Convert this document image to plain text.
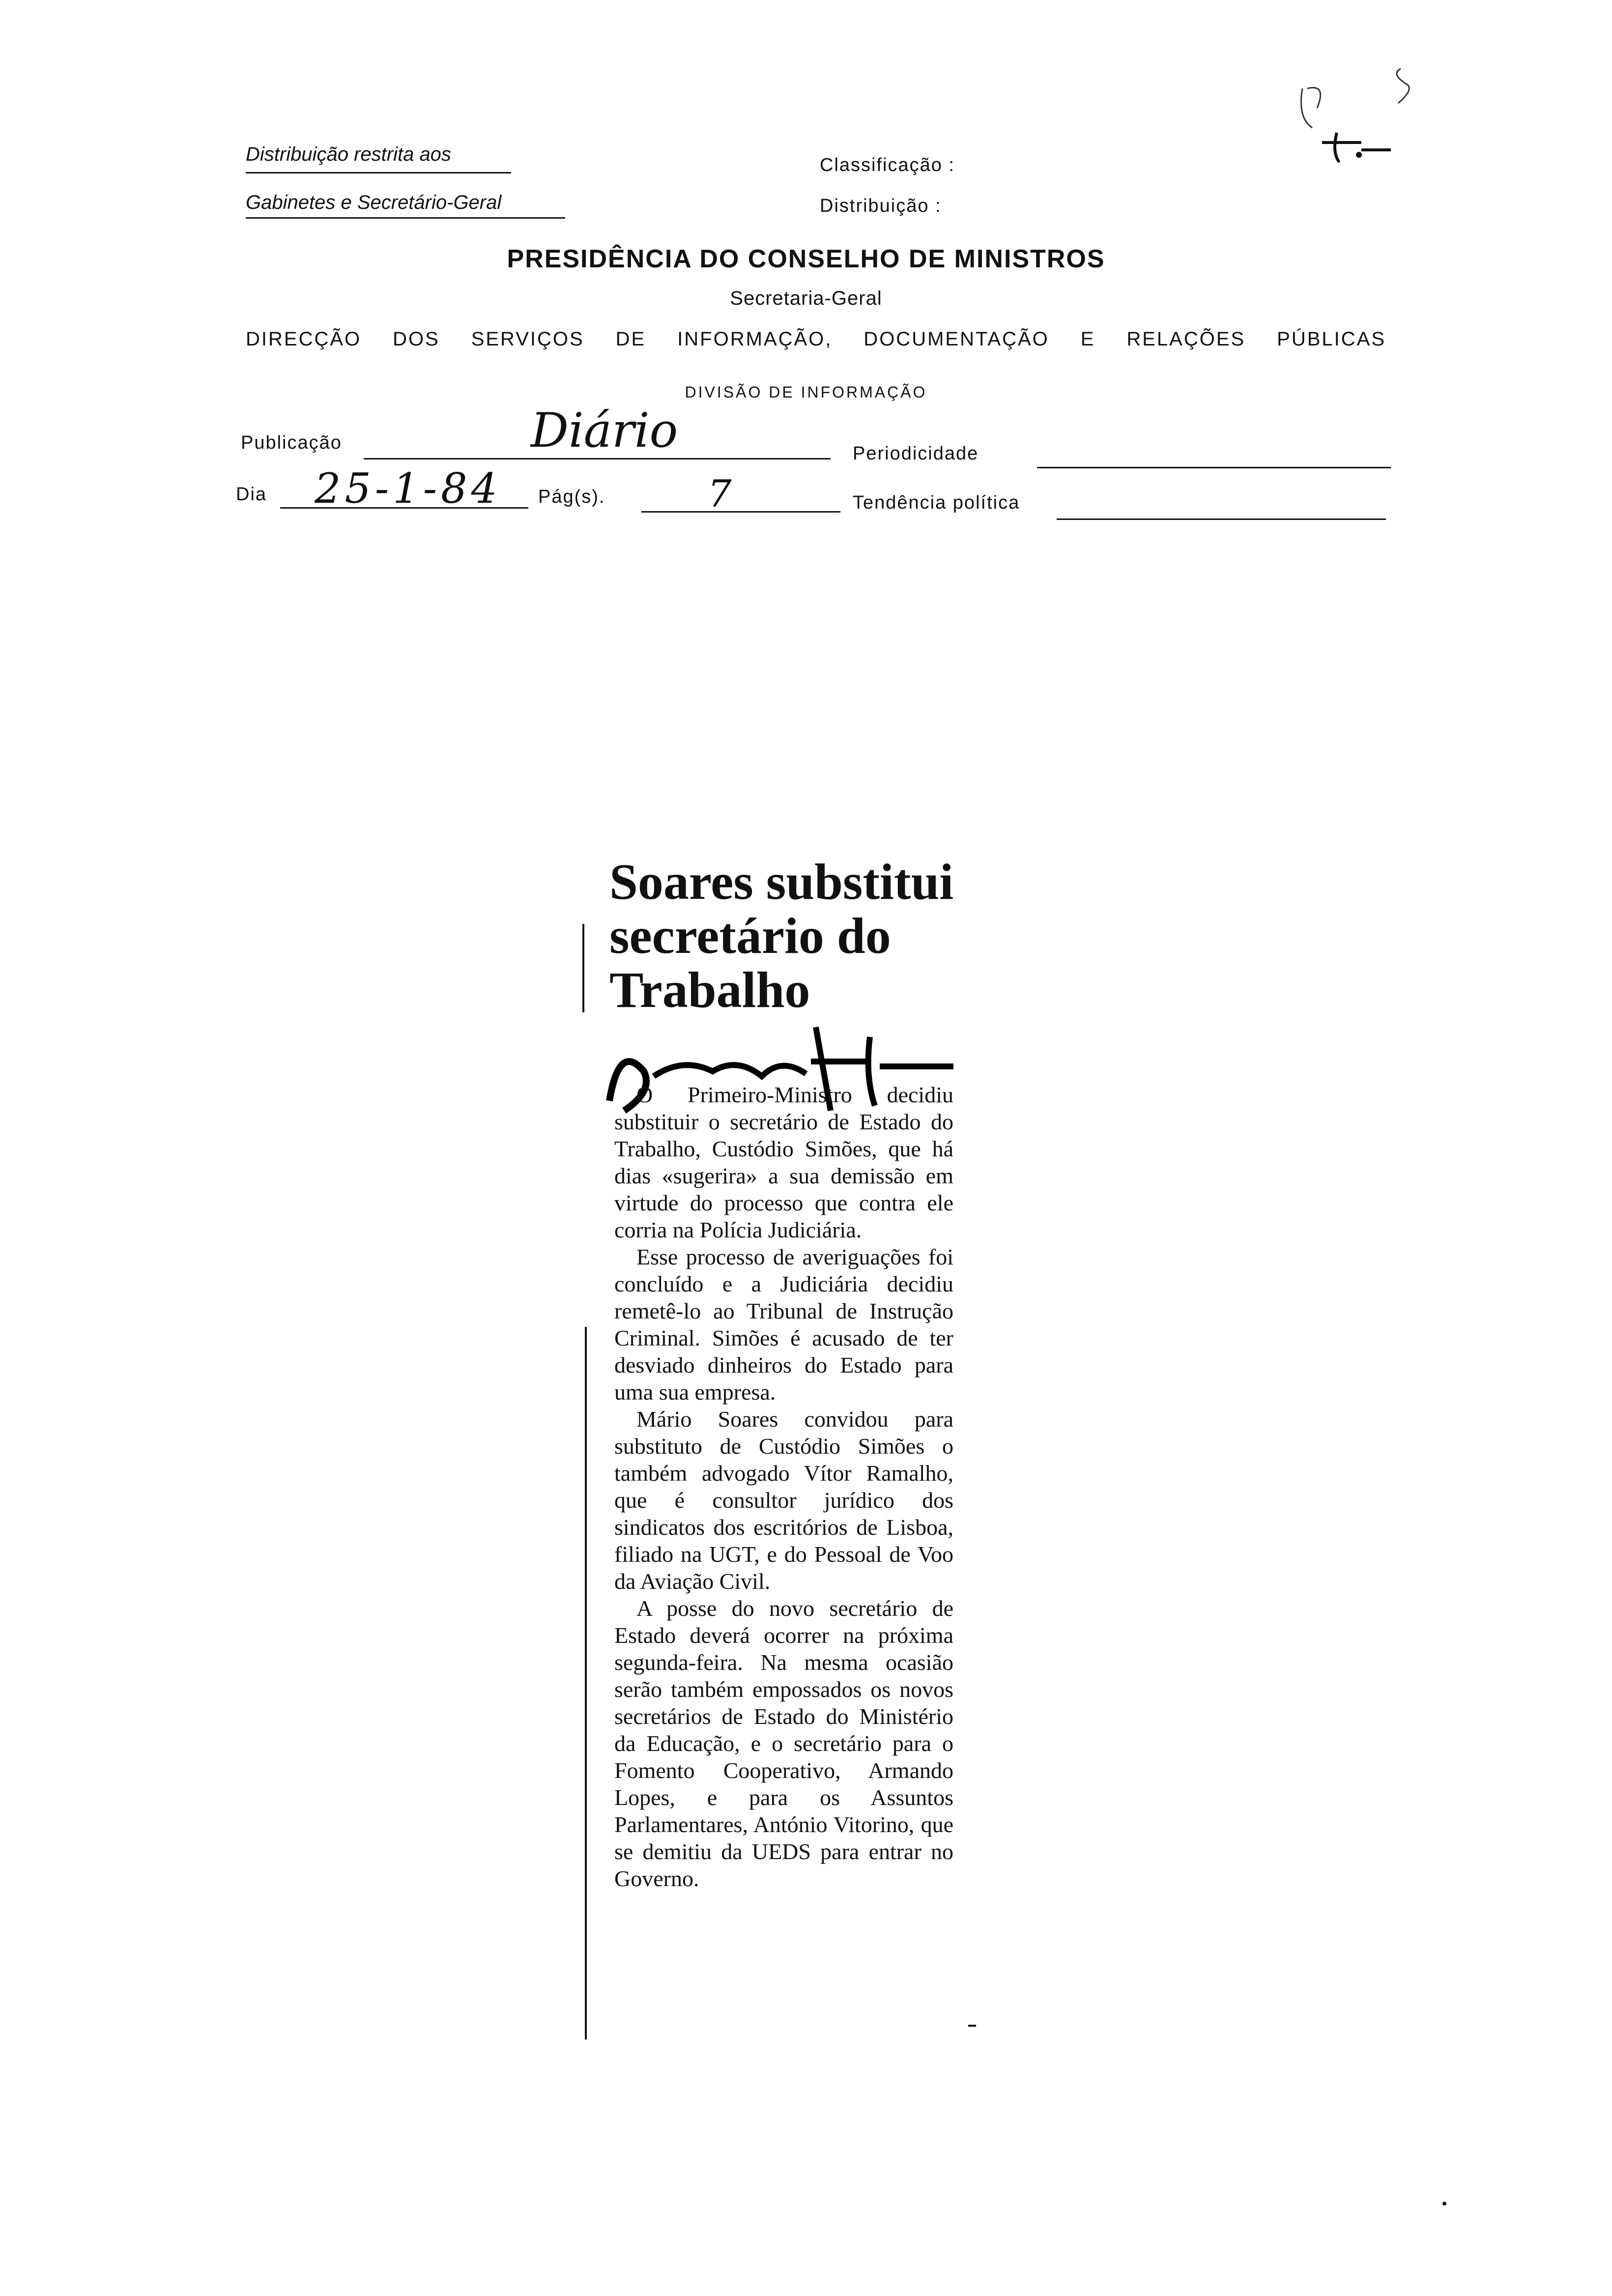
Distribuição restrita aos
Gabinetes e Secretário-Geral
Classificação :
Distribuição :
PRESIDÊNCIA DO CONSELHO DE MINISTROS
Secretaria-Geral
DIRECÇÃO DOS SERVIÇOS DE INFORMAÇÃO, DOCUMENTAÇÃO E RELAÇÕES PÚBLICAS
DIVISÃO DE INFORMAÇÃO
Publicação	Diário	Periodicidade
Dia 25-1-84 Pág(s).	7	Tendência política
Soares substitui secretário do Trabalho

O Primeiro-Ministro decidiu substituir o secretário de Estado do Trabalho, Custódio Simões, que há dias «sugerira» a sua demissão em virtude do processo que contra ele corria na Polícia Judiciária.

Esse processo de averiguações foi concluído e a Judiciária decidiu remetê-lo ao Tribunal de Instrução Criminal. Simões é acusado de ter desviado dinheiros do Estado para uma sua empresa.

Mário Soares convidou para substituto de Custódio Simões o também advogado Vítor Ramalho, que é consultor jurídico dos sindicatos dos escritórios de Lisboa, filiado na UGT, e do Pessoal de Voo da Aviação Civil.

A posse do novo secretário de Estado deverá ocorrer na próxima segunda-feira. Na mesma ocasião serão também empossados os novos secretários de Estado do Ministério da Educação, e o secretário para o Fomento Cooperativo, Armando Lopes, e para os Assuntos Parlamentares, António Vitorino, que se demitiu da UEDS para entrar no Governo.
